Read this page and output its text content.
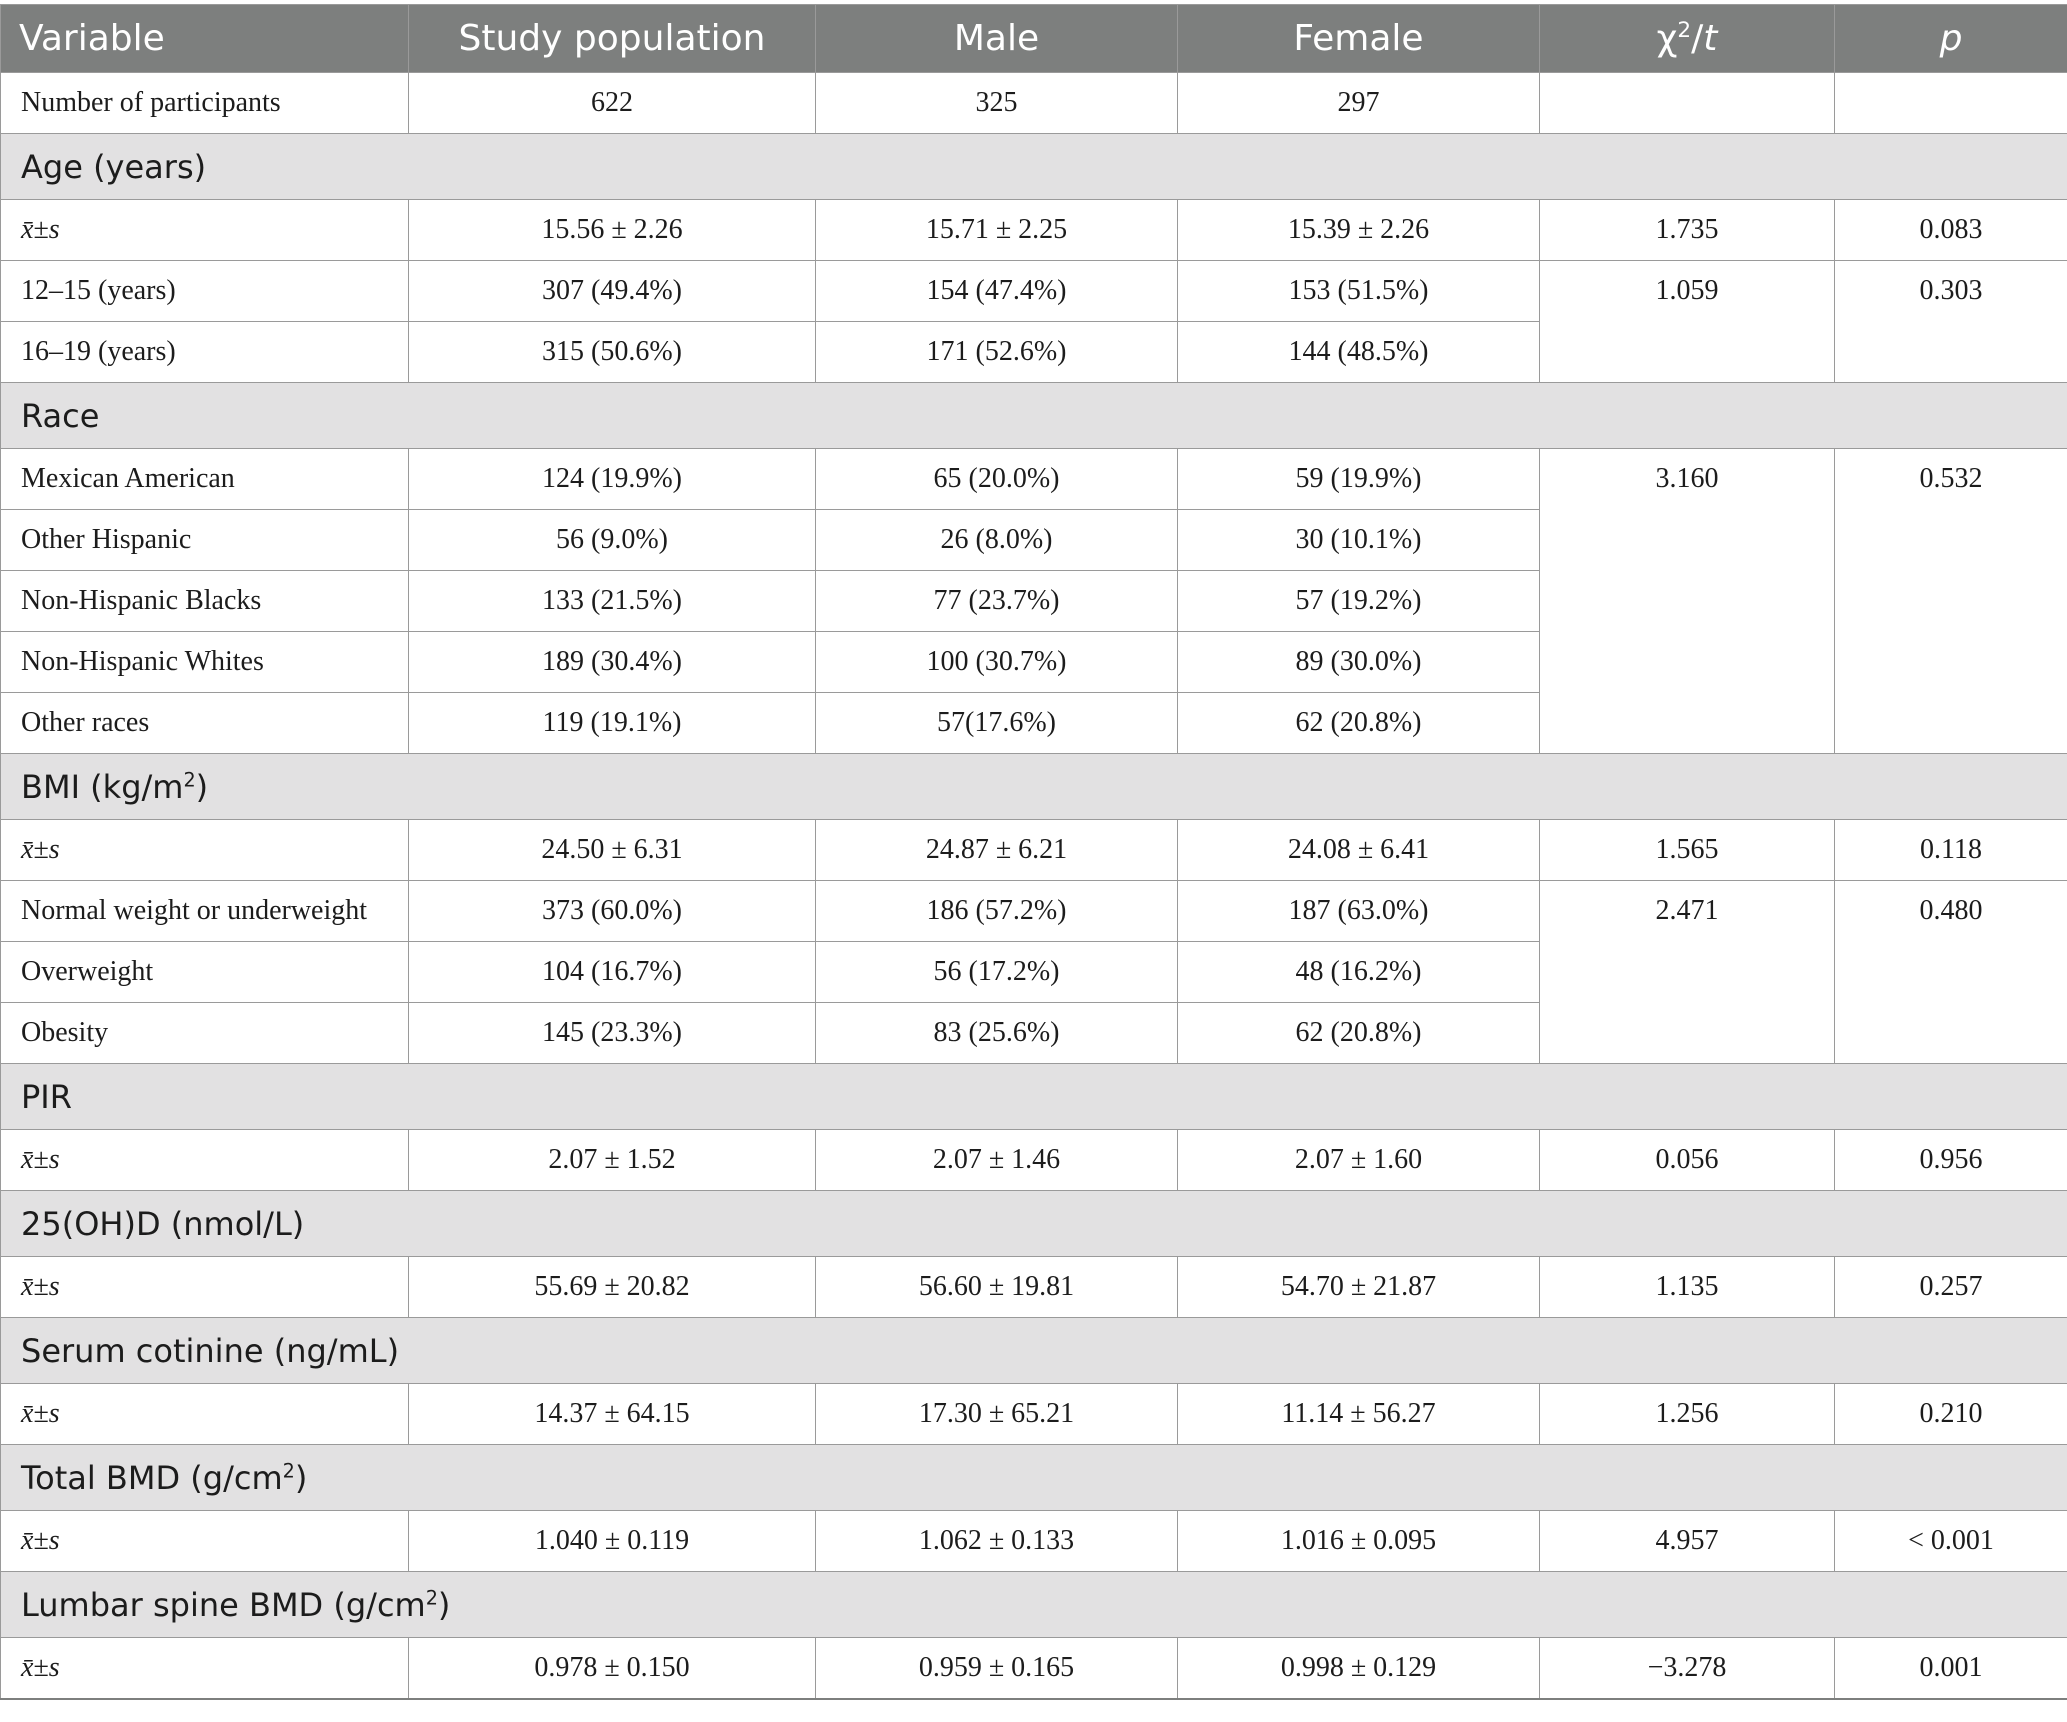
Variable	Study population	Male	Female	$\chi^2/t$	p
Number of participants	622	325	297		
Age (years)					
x̄±s	15.56 ± 2.26	15.71 ± 2.25	15.39 ± 2.26	1.735	0.083
12–15 (years)	307 (49.4%)	154 (47.4%)	153 (51.5%)	1.059	0.303
16–19 (years)	315 (50.6%)	171 (52.6%)	144 (48.5%)		
Race					
Mexican American	124 (19.9%)	65 (20.0%)	59 (19.9%)	3.160	0.532
Other Hispanic	56 (9.0%)	26 (8.0%)	30 (10.1%)		
Non-Hispanic Blacks	133 (21.5%)	77 (23.7%)	57 (19.2%)		
Non-Hispanic Whites	189 (30.4%)	100 (30.7%)	89 (30.0%)		
Other races	119 (19.1%)	57(17.6%)	62 (20.8%)		
BMI $(kg/m^2)$					
x̄±s	24.50 ± 6.31	24.87 ± 6.21	24.08 ± 6.41	1.565	0.118
Normal weight or underweight	373 (60.0%)	186 (57.2%)	187 (63.0%)	2.471	0.480
Overweight	104 (16.7%)	56 (17.2%)	48 (16.2%)		
Obesity	145 (23.3%)	83 (25.6%)	62 (20.8%)		
PIR					
x̄±s	2.07 ± 1.52	2.07 ± 1.46	2.07 ± 1.60	0.056	0.956
25(OH)D (nmol/L)					
x̄±s	55.69 ± 20.82	56.60 ± 19.81	54.70 ± 21.87	1.135	0.257
Serum cotinine (ng/mL)					
x̄±s	14.37 ± 64.15	17.30 ± 65.21	11.14 ± 56.27	1.256	0.210
Total BMD $(g/cm^2)$					
x̄±s	1.040 ± 0.119	1.062 ± 0.133	1.016 ± 0.095	4.957	< 0.001
Lumbar spine BMD $(g/cm^2)$					
x̄±s	0.978 ± 0.150	0.959 ± 0.165	0.998 ± 0.129	−3.278	0.001
